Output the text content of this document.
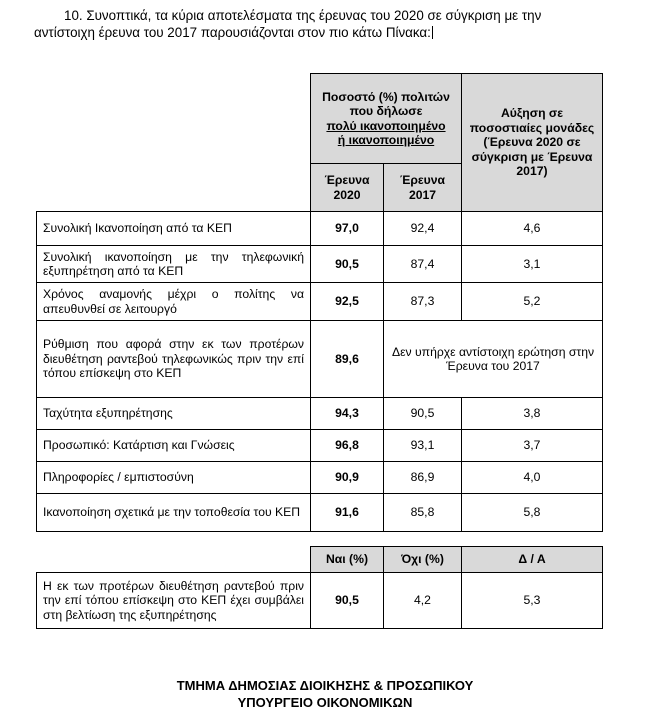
10. Συνοπτικά, τα κύρια αποτελέσματα της έρευνας του 2020 σε σύγκριση με την
αντίστοιχη έρευνα του 2017 παρουσιάζονται στον πιο κάτω Πίνακα:
	Ποσοστό (%) πολιτών που δήλωσε
πολύ ικανοποιημένο
ή ικανοποιημένο		Αύξηση σε ποσοστιαίες μονάδες (Έρευνα 2020 σε σύγκριση με Έρευνα 2017)
	Έρευνα 2020	Έρευνα 2017	
Συνολική Ικανοποίηση από τα ΚΕΠ	97,0	92,4	4,6
Συνολική ικανοποίηση με την τηλεφωνική εξυπηρέτηση από τα ΚΕΠ	90,5	87,4	3,1
Χρόνος αναμονής μέχρι ο πολίτης να απευθυνθεί σε λειτουργό	92,5	87,3	5,2
Ρύθμιση που αφορά στην εκ των προτέρων διευθέτηση ραντεβού τηλεφωνικώς πριν την επί τόπου επίσκεψη στο ΚΕΠ	89,6	Δεν υπήρχε αντίστοιχη ερώτηση στην Έρευνα του 2017	
Ταχύτητα εξυπηρέτησης	94,3	90,5	3,8
Προσωπικό: Κατάρτιση και Γνώσεις	96,8	93,1	3,7
Πληροφορίες / εμπιστοσύνη	90,9	86,9	4,0
Ικανοποίηση σχετικά με την τοποθεσία του ΚΕΠ	91,6	85,8	5,8
	Ναι (%)	Όχι (%)	Δ / Α
Η εκ των προτέρων διευθέτηση ραντεβού πριν την επί τόπου επίσκεψη στο ΚΕΠ έχει συμβάλει στη βελτίωση της εξυπηρέτησης	90,5	4,2	5,3
ΤΜΗΜΑ ΔΗΜΟΣΙΑΣ ΔΙΟΙΚΗΣΗΣ & ΠΡΟΣΩΠΙΚΟΥ
ΥΠΟΥΡΓΕΙΟ ΟΙΚΟΝΟΜΙΚΩΝ
